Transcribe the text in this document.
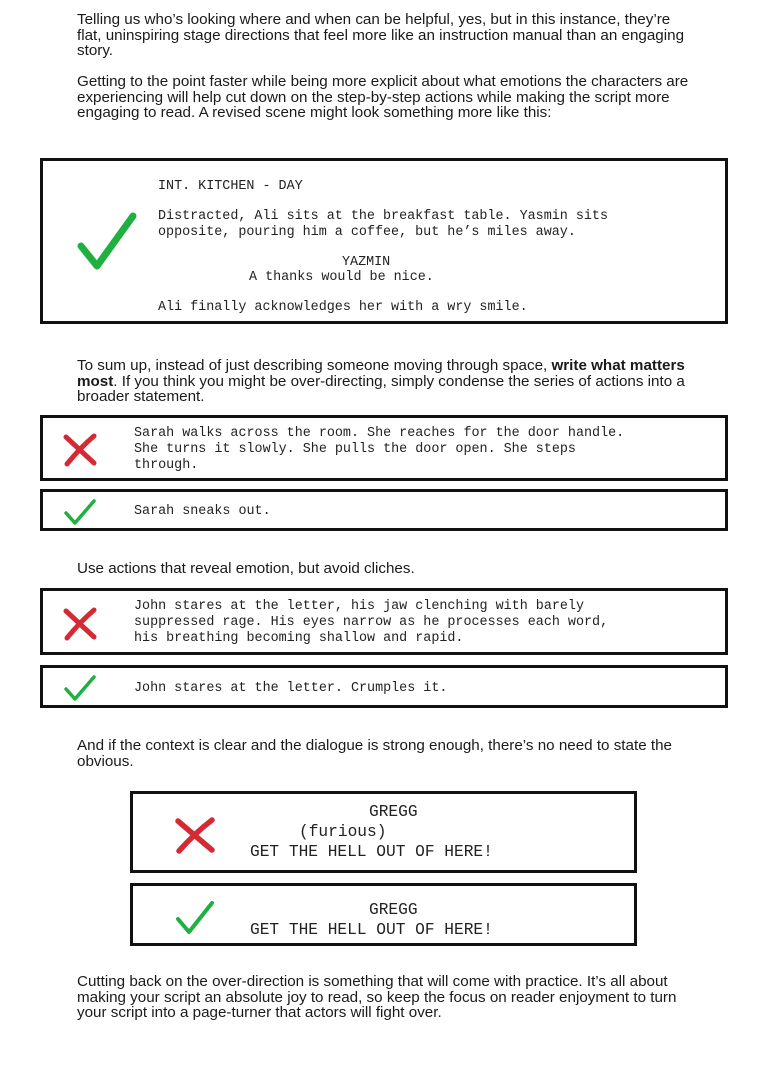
Telling us who’s looking where and when can be helpful, yes, but in this instance, they’re flat, uninspiring stage directions that feel more like an instruction manual than an engaging story.

Getting to the point faster while being more explicit about what emotions the characters are experiencing will help cut down on the step-by-step actions while making the script more engaging to read. A revised scene might look something more like this:

INT. KITCHEN - DAY
Distracted, Ali sits at the breakfast table. Yasmin sits
opposite, pouring him a coffee, but he’s miles away.
YAZMIN
A thanks would be nice.
Ali finally acknowledges her with a wry smile.

To sum up, instead of just describing someone moving through space, write what matters most. If you think you might be over-directing, simply condense the series of actions into a broader statement.

Sarah walks across the room. She reaches for the door handle.
She turns it slowly. She pulls the door open. She steps
through.
Sarah sneaks out.

Use actions that reveal emotion, but avoid cliches.

John stares at the letter, his jaw clenching with barely
suppressed rage. His eyes narrow as he processes each word,
his breathing becoming shallow and rapid.
John stares at the letter. Crumples it.

And if the context is clear and the dialogue is strong enough, there’s no need to state the obvious.

GREGG
(furious)
GET THE HELL OUT OF HERE!
GREGG
GET THE HELL OUT OF HERE!

Cutting back on the over-direction is something that will come with practice. It’s all about making your script an absolute joy to read, so keep the focus on reader enjoyment to turn your script into a page-turner that actors will fight over.
